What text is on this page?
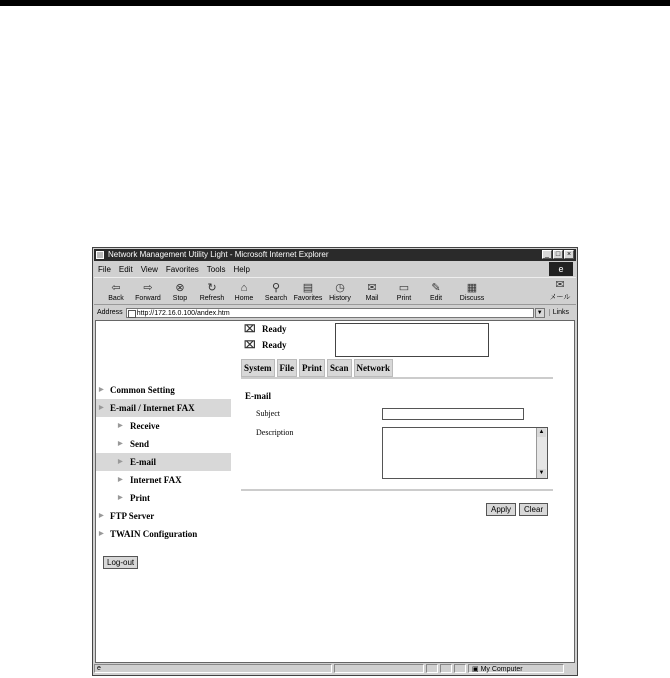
Network Management Utility Light - Microsoft Internet Explorer	_ □ ×
File Edit View Favorites Tools Help	e
⇦
Back
⇨
Forward
⊗
Stop
↻
Refresh
⌂
Home
⚲
Search
▤
Favorites
◷
History
✉
Mail
▭
Print
✎
Edit
▦
Discuss
✉
メール
Address	http://172.16.0.100/andex.htm	▼	Links
⌧ Ready
⌧ Ready
System File Print Scan Network
▶ Common Setting
▶ E-mail / Internet FAX
▶ Receive
▶ Send
▶ E-mail
▶ Internet FAX
▶ Print
▶ FTP Server
▶ TWAIN Configuration
E-mail
Subject
Description	▲
▼
Apply	Clear
Log-out
e	▣ My Computer
